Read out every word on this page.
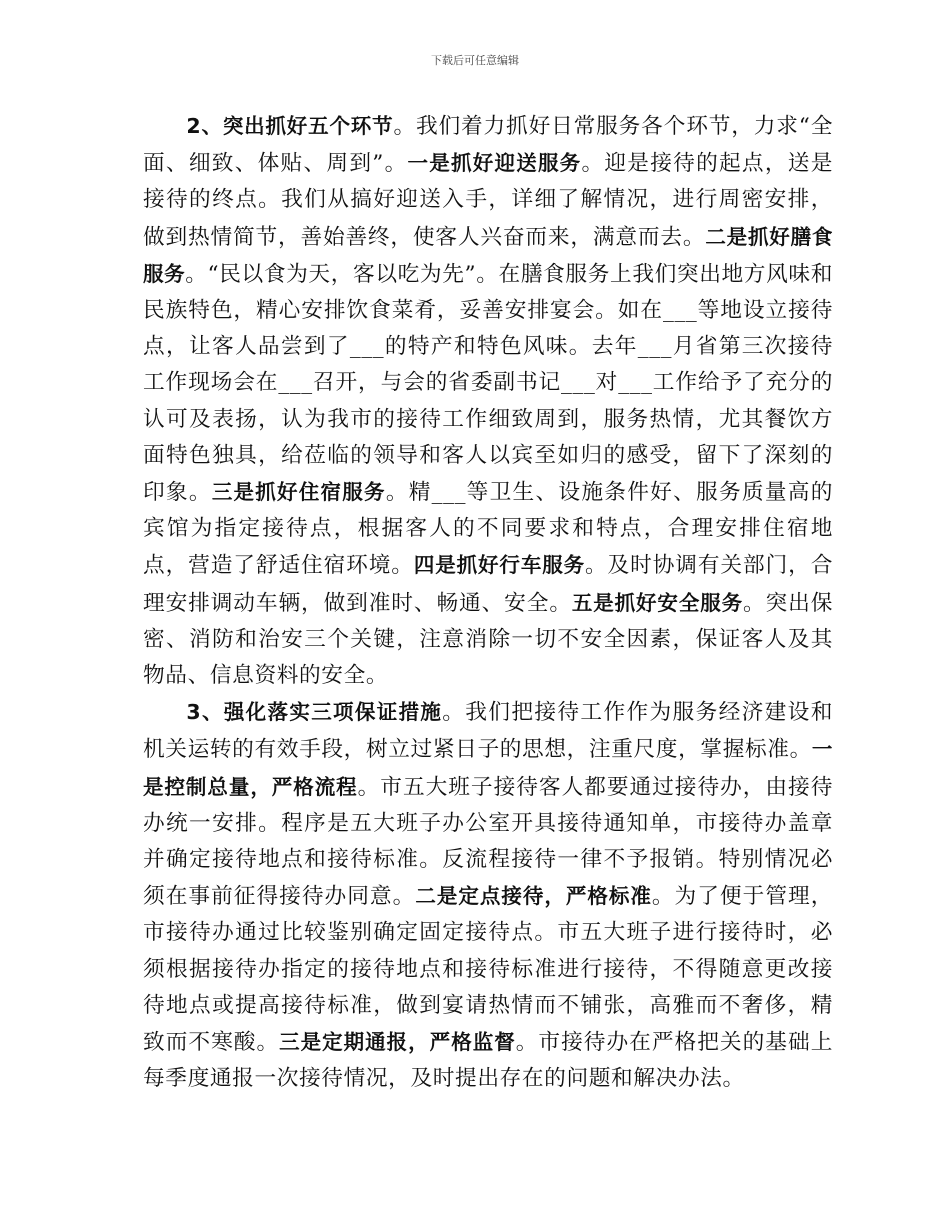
下载后可任意编辑

2、突出抓好五个环节。我们着力抓好日常服务各个环节，力求“全面、细致、体贴、周到”。一是抓好迎送服务。迎是接待的起点，送是接待的终点。我们从搞好迎送入手，详细了解情况，进行周密安排，做到热情简节，善始善终，使客人兴奋而来，满意而去。二是抓好膳食服务。“民以食为天，客以吃为先”。在膳食服务上我们突出地方风味和民族特色，精心安排饮食菜肴，妥善安排宴会。如在___等地设立接待点，让客人品尝到了___的特产和特色风味。去年___月省第三次接待工作现场会在___召开，与会的省委副书记___对___工作给予了充分的认可及表扬，认为我市的接待工作细致周到，服务热情，尤其餐饮方面特色独具，给莅临的领导和客人以宾至如归的感受，留下了深刻的印象。三是抓好住宿服务。精___等卫生、设施条件好、服务质量高的宾馆为指定接待点，根据客人的不同要求和特点，合理安排住宿地点，营造了舒适住宿环境。四是抓好行车服务。及时协调有关部门，合理安排调动车辆，做到准时、畅通、安全。五是抓好安全服务。突出保密、消防和治安三个关键，注意消除一切不安全因素，保证客人及其物品、信息资料的安全。

3、强化落实三项保证措施。我们把接待工作作为服务经济建设和机关运转的有效手段，树立过紧日子的思想，注重尺度，掌握标准。一是控制总量，严格流程。市五大班子接待客人都要通过接待办，由接待办统一安排。程序是五大班子办公室开具接待通知单，市接待办盖章并确定接待地点和接待标准。反流程接待一律不予报销。特别情况必须在事前征得接待办同意。二是定点接待，严格标准。为了便于管理，市接待办通过比较鉴别确定固定接待点。市五大班子进行接待时，必须根据接待办指定的接待地点和接待标准进行接待，不得随意更改接待地点或提高接待标准，做到宴请热情而不铺张，高雅而不奢侈，精致而不寒酸。三是定期通报，严格监督。市接待办在严格把关的基础上每季度通报一次接待情况，及时提出存在的问题和解决办法。
